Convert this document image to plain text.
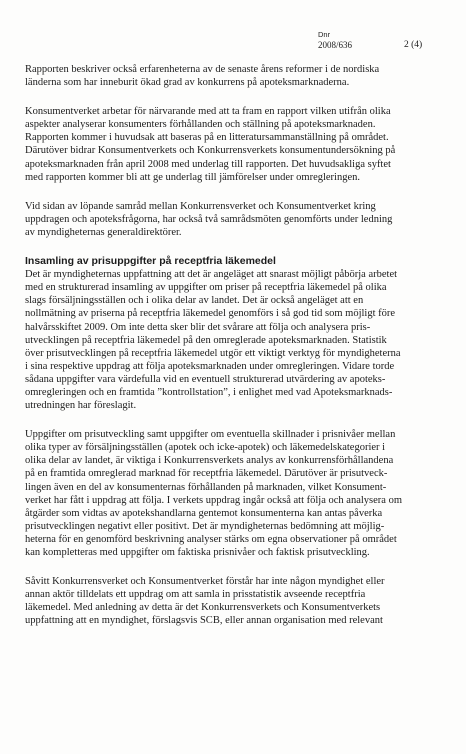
Dnr
2008/636	2 (4)

Rapporten beskriver också erfarenheterna av de senaste årens reformer i de nordiska
länderna som har inneburit ökad grad av konkurrens på apoteksmarknaderna.

Konsumentverket arbetar för närvarande med att ta fram en rapport vilken utifrån olika
aspekter analyserar konsumenters förhållanden och ställning på apoteksmarknaden.
Rapporten kommer i huvudsak att baseras på en litteratursammanställning på området.
Därutöver bidrar Konsumentverkets och Konkurrensverkets konsumentundersökning på
apoteksmarknaden från april 2008 med underlag till rapporten. Det huvudsakliga syftet
med rapporten kommer bli att ge underlag till jämförelser under omregleringen.

Vid sidan av löpande samråd mellan Konkurrensverket och Konsumentverket kring
uppdragen och apoteksfrågorna, har också två samrådsmöten genomförts under ledning
av myndigheternas generaldirektörer.

Insamling av prisuppgifter på receptfria läkemedel

Det är myndigheternas uppfattning att det är angeläget att snarast möjligt påbörja arbetet
med en strukturerad insamling av uppgifter om priser på receptfria läkemedel på olika
slags försäljningsställen och i olika delar av landet. Det är också angeläget att en
nollmätning av priserna på receptfria läkemedel genomförs i så god tid som möjligt före
halvårsskiftet 2009. Om inte detta sker blir det svårare att följa och analysera pris-
utvecklingen på receptfria läkemedel på den omreglerade apoteksmarknaden. Statistik
över prisutvecklingen på receptfria läkemedel utgör ett viktigt verktyg för myndigheterna
i sina respektive uppdrag att följa apoteksmarknaden under omregleringen. Vidare torde
sådana uppgifter vara värdefulla vid en eventuell strukturerad utvärdering av apoteks-
omregleringen och en framtida ”kontrollstation”, i enlighet med vad Apoteksmarknads-
utredningen har föreslagit.

Uppgifter om prisutveckling samt uppgifter om eventuella skillnader i prisnivåer mellan
olika typer av försäljningsställen (apotek och icke-apotek) och läkemedelskategorier i
olika delar av landet, är viktiga i Konkurrensverkets analys av konkurrensförhållandena
på en framtida omreglerad marknad för receptfria läkemedel. Därutöver är prisutveck-
lingen även en del av konsumenternas förhållanden på marknaden, vilket Konsument-
verket har fått i uppdrag att följa. I verkets uppdrag ingår också att följa och analysera om
åtgärder som vidtas av apotekshandlarna gentemot konsumenterna kan antas påverka
prisutvecklingen negativt eller positivt. Det är myndigheternas bedömning att möjlig-
heterna för en genomförd beskrivning analyser stärks om egna observationer på området
kan kompletteras med uppgifter om faktiska prisnivåer och faktisk prisutveckling.

Såvitt Konkurrensverket och Konsumentverket förstår har inte någon myndighet eller
annan aktör tilldelats ett uppdrag om att samla in prisstatistik avseende receptfria
läkemedel. Med anledning av detta är det Konkurrensverkets och Konsumentverkets
uppfattning att en myndighet, förslagsvis SCB, eller annan organisation med relevant
